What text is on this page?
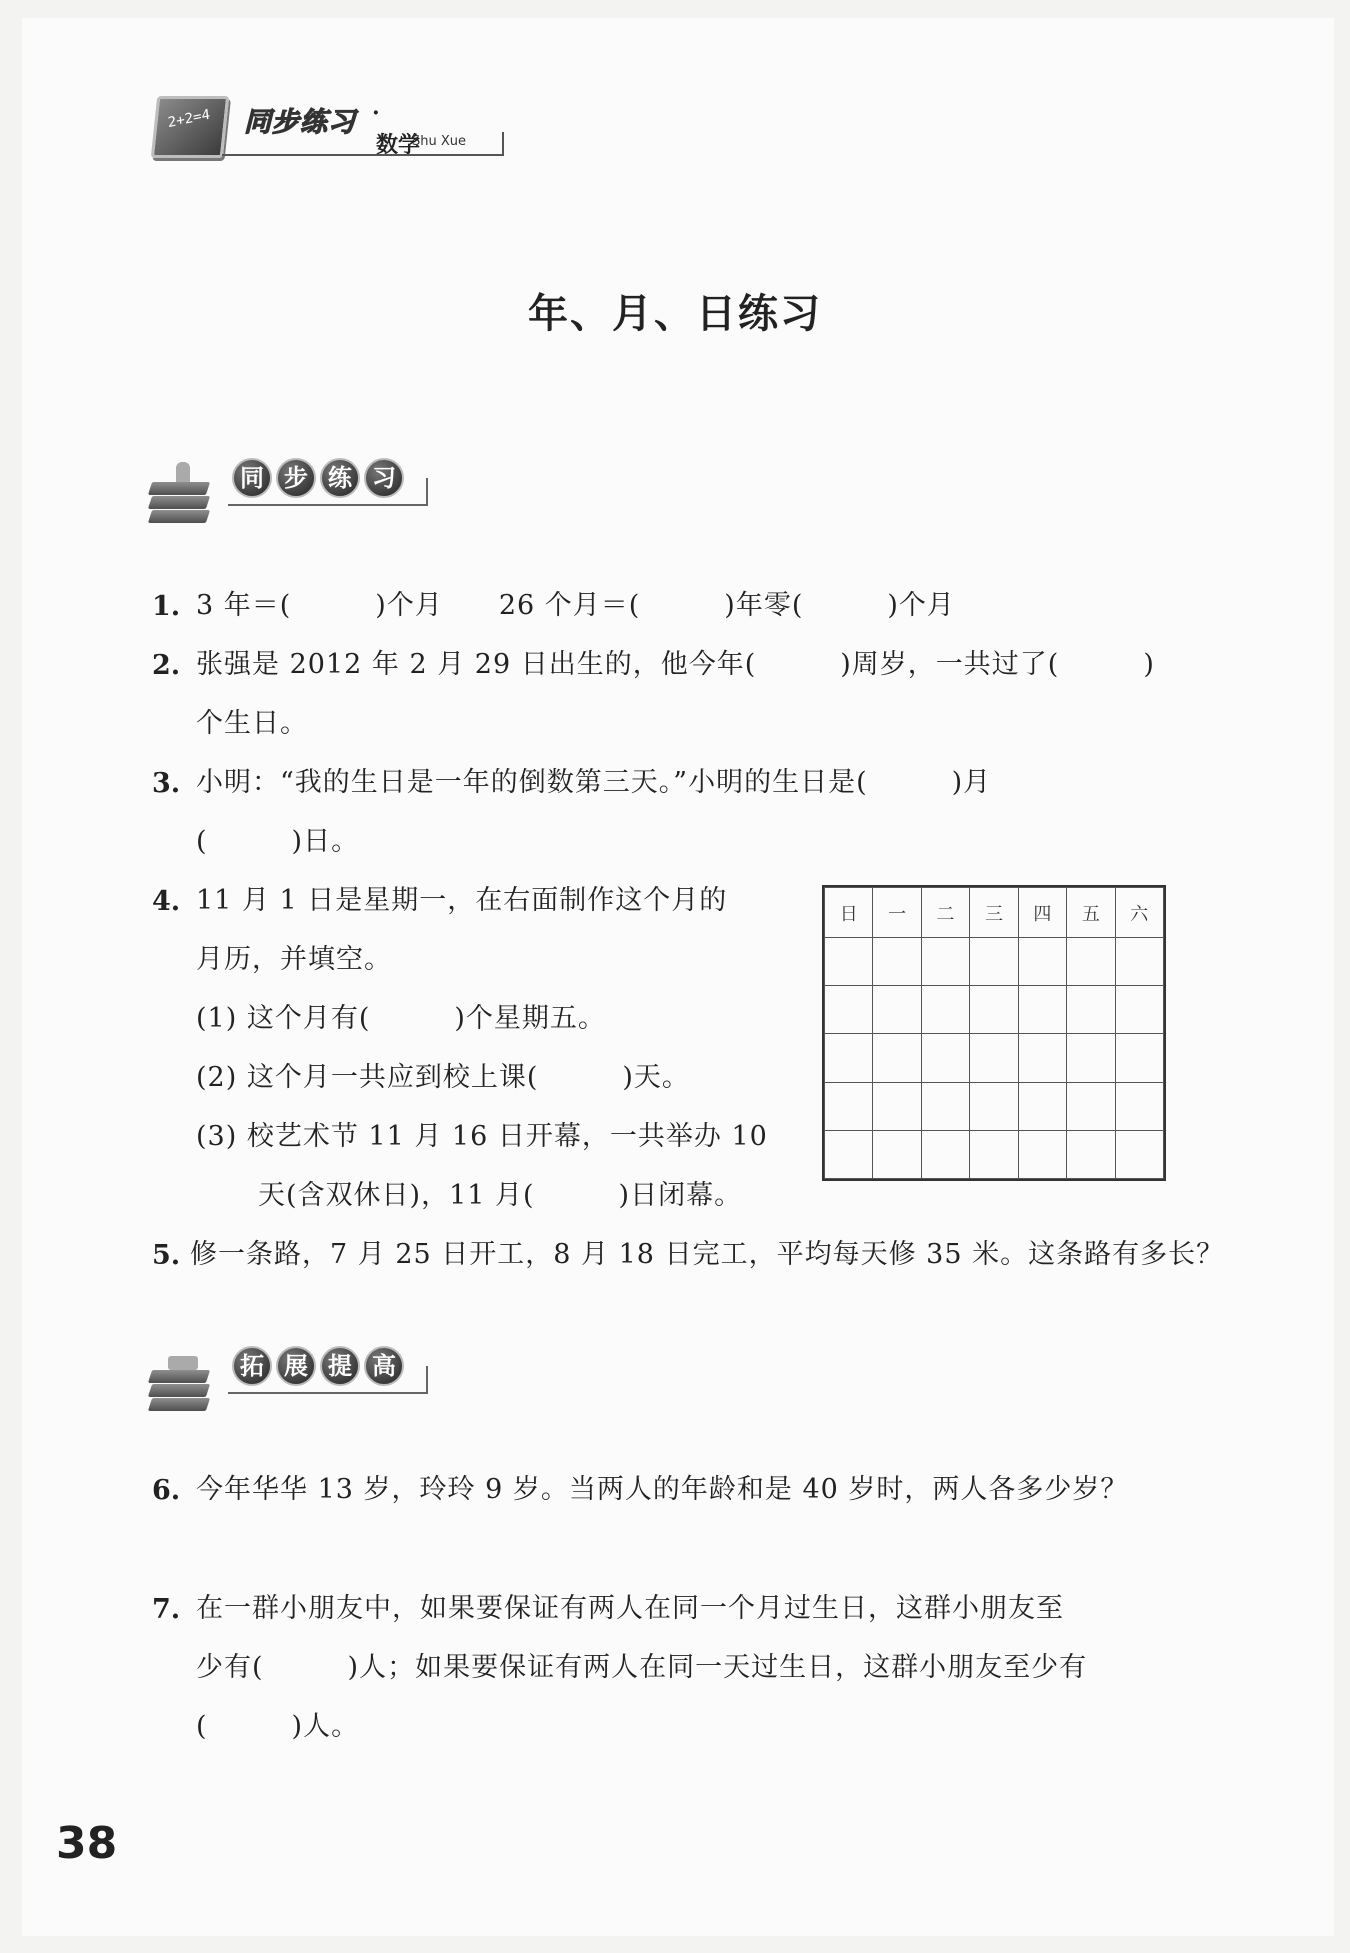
2+2=4 同步练习 ·
数学
Shu Xue
年、月、日练习
同 步 练 习
1. 3 年＝(　　　)个月　　26 个月＝(　　　)年零(　　　)个月
2. 张强是 2012 年 2 月 29 日出生的，他今年(　　　)周岁，一共过了(　　　)
个生日。
3. 小明：“我的生日是一年的倒数第三天。”小明的生日是(　　　)月
(　　　)日。
4. 11 月 1 日是星期一，在右面制作这个月的
月历，并填空。
(1) 这个月有(　　　)个星期五。
(2) 这个月一共应到校上课(　　　)天。
(3) 校艺术节 11 月 16 日开幕，一共举办 10
天(含双休日)，11 月(　　　)日闭幕。
日	一	二	三	四	五	六

5. 修一条路，7 月 25 日开工，8 月 18 日完工，平均每天修 35 米。这条路有多长？
拓 展 提 高
6. 今年华华 13 岁，玲玲 9 岁。当两人的年龄和是 40 岁时，两人各多少岁？
7. 在一群小朋友中，如果要保证有两人在同一个月过生日，这群小朋友至
少有(　　　)人；如果要保证有两人在同一天过生日，这群小朋友至少有
(　　　)人。
38
